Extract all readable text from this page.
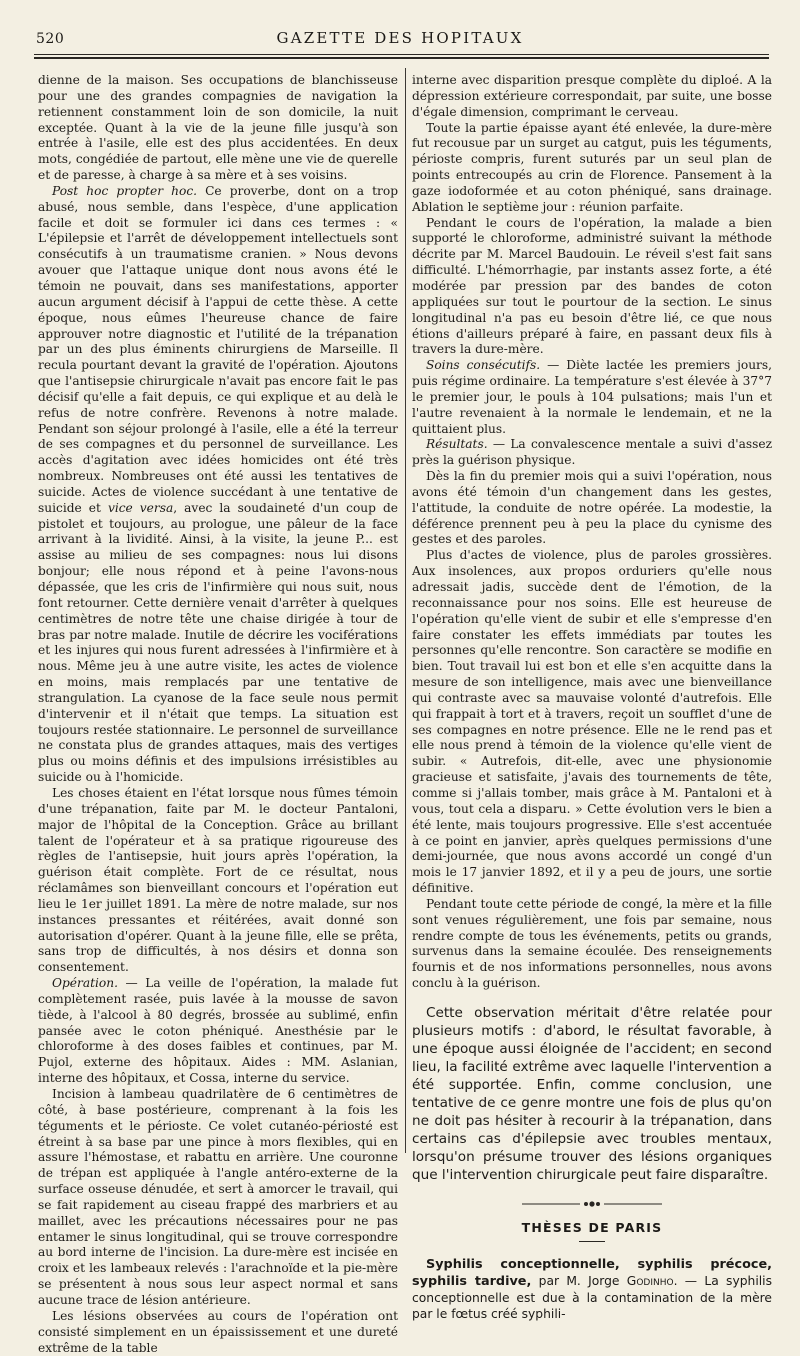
520	GAZETTE DES HOPITAUX

dienne de la maison. Ses occupations de blanchisseuse pour une des grandes compagnies de navigation la retiennent constamment loin de son domicile, la nuit exceptée. Quant à la vie de la jeune fille jusqu'à son entrée à l'asile, elle est des plus accidentées. En deux mots, congédiée de partout, elle mène une vie de querelle et de paresse, à charge à sa mère et à ses voisins.

Post hoc propter hoc. Ce proverbe, dont on a trop abusé, nous semble, dans l'espèce, d'une application facile et doit se formuler ici dans ces termes : « L'épilepsie et l'arrêt de développement intellectuels sont consécutifs à un traumatisme cranien. » Nous devons avouer que l'attaque unique dont nous avons été le témoin ne pouvait, dans ses manifestations, apporter aucun argument décisif à l'appui de cette thèse. A cette époque, nous eûmes l'heureuse chance de faire approuver notre diagnostic et l'utilité de la trépanation par un des plus éminents chirurgiens de Marseille. Il recula pourtant devant la gravité de l'opération. Ajoutons que l'antisepsie chirurgicale n'avait pas encore fait le pas décisif qu'elle a fait depuis, ce qui explique et au delà le refus de notre confrère. Revenons à notre malade. Pendant son séjour prolongé à l'asile, elle a été la terreur de ses compagnes et du personnel de surveillance. Les accès d'agitation avec idées homicides ont été très nombreux. Nombreuses ont été aussi les tentatives de suicide. Actes de violence succédant à une tentative de suicide et vice versa, avec la soudaineté d'un coup de pistolet et toujours, au prologue, une pâleur de la face arrivant à la lividité. Ainsi, à la visite, la jeune P... est assise au milieu de ses compagnes: nous lui disons bonjour; elle nous répond et à peine l'avons-nous dépassée, que les cris de l'infirmière qui nous suit, nous font retourner. Cette dernière venait d'arrêter à quelques centimètres de notre tête une chaise dirigée à tour de bras par notre malade. Inutile de décrire les vociférations et les injures qui nous furent adressées à l'infirmière et à nous. Même jeu à une autre visite, les actes de violence en moins, mais remplacés par une tentative de strangulation. La cyanose de la face seule nous permit d'intervenir et il n'était que temps. La situation est toujours restée stationnaire. Le personnel de surveillance ne constata plus de grandes attaques, mais des vertiges plus ou moins définis et des impulsions irrésistibles au suicide ou à l'homicide.

Les choses étaient en l'état lorsque nous fûmes témoin d'une trépanation, faite par M. le docteur Pantaloni, major de l'hôpital de la Conception. Grâce au brillant talent de l'opérateur et à sa pratique rigoureuse des règles de l'antisepsie, huit jours après l'opération, la guérison était complète. Fort de ce résultat, nous réclamâmes son bienveillant concours et l'opération eut lieu le 1er juillet 1891. La mère de notre malade, sur nos instances pressantes et réitérées, avait donné son autorisation d'opérer. Quant à la jeune fille, elle se prêta, sans trop de difficultés, à nos désirs et donna son consentement.

Opération. — La veille de l'opération, la malade fut complètement rasée, puis lavée à la mousse de savon tiède, à l'alcool à 80 degrés, brossée au sublimé, enfin pansée avec le coton phéniqué. Anesthésie par le chloroforme à des doses faibles et continues, par M. Pujol, externe des hôpitaux. Aides : MM. Aslanian, interne des hôpitaux, et Cossa, interne du service.

Incision à lambeau quadrilatère de 6 centimètres de côté, à base postérieure, comprenant à la fois les téguments et le périoste. Ce volet cutanéo-périosté est étreint à sa base par une pince à mors flexibles, qui en assure l'hémostase, et rabattu en arrière. Une couronne de trépan est appliquée à l'angle antéro-externe de la surface osseuse dénudée, et sert à amorcer le travail, qui se fait rapidement au ciseau frappé des marbriers et au maillet, avec les précautions nécessaires pour ne pas entamer le sinus longitudinal, qui se trouve correspondre au bord interne de l'incision. La dure-mère est incisée en croix et les lambeaux relevés : l'arachnoïde et la pie-mère se présentent à nous sous leur aspect normal et sans aucune trace de lésion antérieure.

Les lésions observées au cours de l'opération ont consisté simplement en un épaississement et une dureté extrême de la table

interne avec disparition presque complète du diploé. A la dépression extérieure correspondait, par suite, une bosse d'égale dimension, comprimant le cerveau.

Toute la partie épaisse ayant été enlevée, la dure-mère fut recousue par un surget au catgut, puis les téguments, périoste compris, furent suturés par un seul plan de points entrecoupés au crin de Florence. Pansement à la gaze iodoformée et au coton phéniqué, sans drainage. Ablation le septième jour : réunion parfaite.

Pendant le cours de l'opération, la malade a bien supporté le chloroforme, administré suivant la méthode décrite par M. Marcel Baudouin. Le réveil s'est fait sans difficulté. L'hémorrhagie, par instants assez forte, a été modérée par pression par des bandes de coton appliquées sur tout le pourtour de la section. Le sinus longitudinal n'a pas eu besoin d'être lié, ce que nous étions d'ailleurs préparé à faire, en passant deux fils à travers la dure-mère.

Soins consécutifs. — Diète lactée les premiers jours, puis régime ordinaire. La température s'est élevée à 37°7 le premier jour, le pouls à 104 pulsations; mais l'un et l'autre revenaient à la normale le lendemain, et ne la quittaient plus.

Résultats. — La convalescence mentale a suivi d'assez près la guérison physique.

Dès la fin du premier mois qui a suivi l'opération, nous avons été témoin d'un changement dans les gestes, l'attitude, la conduite de notre opérée. La modestie, la déférence prennent peu à peu la place du cynisme des gestes et des paroles.

Plus d'actes de violence, plus de paroles grossières. Aux insolences, aux propos orduriers qu'elle nous adressait jadis, succède dent de l'émotion, de la reconnaissance pour nos soins. Elle est heureuse de l'opération qu'elle vient de subir et elle s'empresse d'en faire constater les effets immédiats par toutes les personnes qu'elle rencontre. Son caractère se modifie en bien. Tout travail lui est bon et elle s'en acquitte dans la mesure de son intelligence, mais avec une bienveillance qui contraste avec sa mauvaise volonté d'autrefois. Elle qui frappait à tort et à travers, reçoit un soufflet d'une de ses compagnes en notre présence. Elle ne le rend pas et elle nous prend à témoin de la violence qu'elle vient de subir. « Autrefois, dit-elle, avec une physionomie gracieuse et satisfaite, j'avais des tournements de tête, comme si j'allais tomber, mais grâce à M. Pantaloni et à vous, tout cela a disparu. » Cette évolution vers le bien a été lente, mais toujours progressive. Elle s'est accentuée à ce point en janvier, après quelques permissions d'une demi-journée, que nous avons accordé un congé d'un mois le 17 janvier 1892, et il y a peu de jours, une sortie définitive.

Pendant toute cette période de congé, la mère et la fille sont venues régulièrement, une fois par semaine, nous rendre compte de tous les événements, petits ou grands, survenus dans la semaine écoulée. Des renseignements fournis et de nos informations personnelles, nous avons conclu à la guérison.

Cette observation méritait d'être relatée pour plusieurs motifs : d'abord, le résultat favorable, à une époque aussi éloignée de l'accident; en second lieu, la facilité extrême avec laquelle l'intervention a été supportée. Enfin, comme conclusion, une tentative de ce genre montre une fois de plus qu'on ne doit pas hésiter à recourir à la trépanation, dans certains cas d'épilepsie avec troubles mentaux, lorsqu'on présume trouver des lésions organiques que l'intervention chirurgicale peut faire disparaître.

THÈSES DE PARIS

Syphilis conceptionnelle, syphilis précoce, syphilis tardive, par M. Jorge Godinho. — La syphilis conceptionnelle est due à la contamination de la mère par le fœtus créé syphili-
